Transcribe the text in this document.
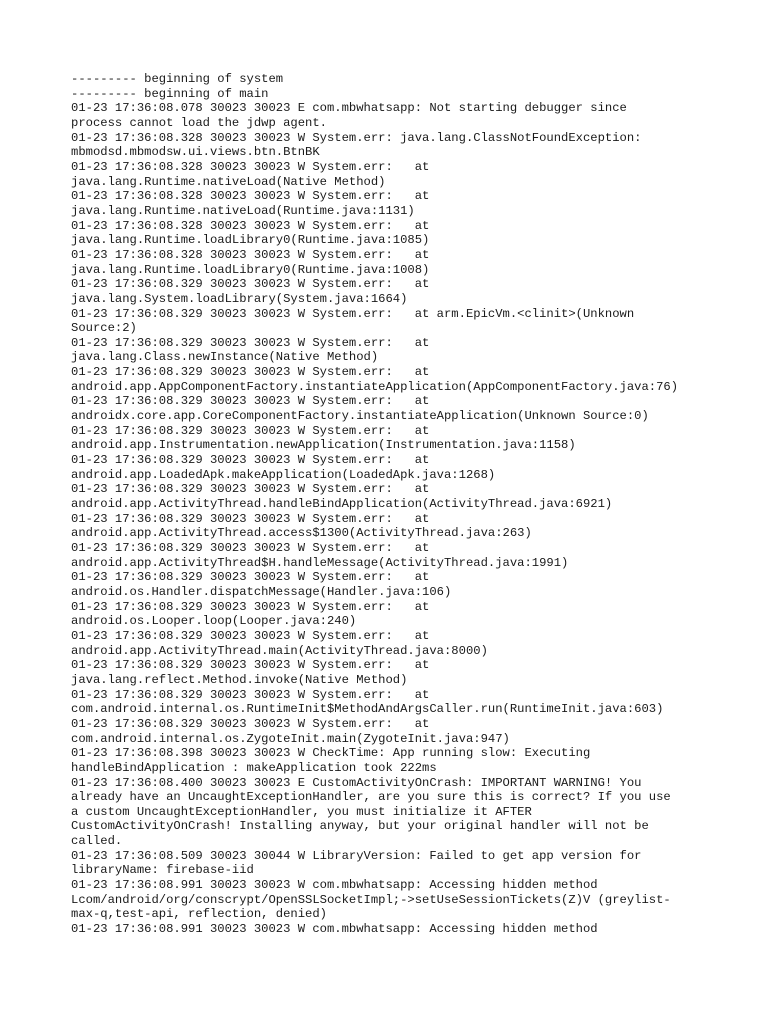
--------- beginning of system
--------- beginning of main
01-23 17:36:08.078 30023 30023 E com.mbwhatsapp: Not starting debugger since
process cannot load the jdwp agent.
01-23 17:36:08.328 30023 30023 W System.err: java.lang.ClassNotFoundException:
mbmodsd.mbmodsw.ui.views.btn.BtnBK
01-23 17:36:08.328 30023 30023 W System.err:   at
java.lang.Runtime.nativeLoad(Native Method)
01-23 17:36:08.328 30023 30023 W System.err:   at
java.lang.Runtime.nativeLoad(Runtime.java:1131)
01-23 17:36:08.328 30023 30023 W System.err:   at
java.lang.Runtime.loadLibrary0(Runtime.java:1085)
01-23 17:36:08.328 30023 30023 W System.err:   at
java.lang.Runtime.loadLibrary0(Runtime.java:1008)
01-23 17:36:08.329 30023 30023 W System.err:   at
java.lang.System.loadLibrary(System.java:1664)
01-23 17:36:08.329 30023 30023 W System.err:   at arm.EpicVm.<clinit>(Unknown
Source:2)
01-23 17:36:08.329 30023 30023 W System.err:   at
java.lang.Class.newInstance(Native Method)
01-23 17:36:08.329 30023 30023 W System.err:   at
android.app.AppComponentFactory.instantiateApplication(AppComponentFactory.java:76)
01-23 17:36:08.329 30023 30023 W System.err:   at
androidx.core.app.CoreComponentFactory.instantiateApplication(Unknown Source:0)
01-23 17:36:08.329 30023 30023 W System.err:   at
android.app.Instrumentation.newApplication(Instrumentation.java:1158)
01-23 17:36:08.329 30023 30023 W System.err:   at
android.app.LoadedApk.makeApplication(LoadedApk.java:1268)
01-23 17:36:08.329 30023 30023 W System.err:   at
android.app.ActivityThread.handleBindApplication(ActivityThread.java:6921)
01-23 17:36:08.329 30023 30023 W System.err:   at
android.app.ActivityThread.access$1300(ActivityThread.java:263)
01-23 17:36:08.329 30023 30023 W System.err:   at
android.app.ActivityThread$H.handleMessage(ActivityThread.java:1991)
01-23 17:36:08.329 30023 30023 W System.err:   at
android.os.Handler.dispatchMessage(Handler.java:106)
01-23 17:36:08.329 30023 30023 W System.err:   at
android.os.Looper.loop(Looper.java:240)
01-23 17:36:08.329 30023 30023 W System.err:   at
android.app.ActivityThread.main(ActivityThread.java:8000)
01-23 17:36:08.329 30023 30023 W System.err:   at
java.lang.reflect.Method.invoke(Native Method)
01-23 17:36:08.329 30023 30023 W System.err:   at
com.android.internal.os.RuntimeInit$MethodAndArgsCaller.run(RuntimeInit.java:603)
01-23 17:36:08.329 30023 30023 W System.err:   at
com.android.internal.os.ZygoteInit.main(ZygoteInit.java:947)
01-23 17:36:08.398 30023 30023 W CheckTime: App running slow: Executing
handleBindApplication : makeApplication took 222ms
01-23 17:36:08.400 30023 30023 E CustomActivityOnCrash: IMPORTANT WARNING! You
already have an UncaughtExceptionHandler, are you sure this is correct? If you use
a custom UncaughtExceptionHandler, you must initialize it AFTER
CustomActivityOnCrash! Installing anyway, but your original handler will not be
called.
01-23 17:36:08.509 30023 30044 W LibraryVersion: Failed to get app version for
libraryName: firebase-iid
01-23 17:36:08.991 30023 30023 W com.mbwhatsapp: Accessing hidden method
Lcom/android/org/conscrypt/OpenSSLSocketImpl;->setUseSessionTickets(Z)V (greylist-
max-q,test-api, reflection, denied)
01-23 17:36:08.991 30023 30023 W com.mbwhatsapp: Accessing hidden method
